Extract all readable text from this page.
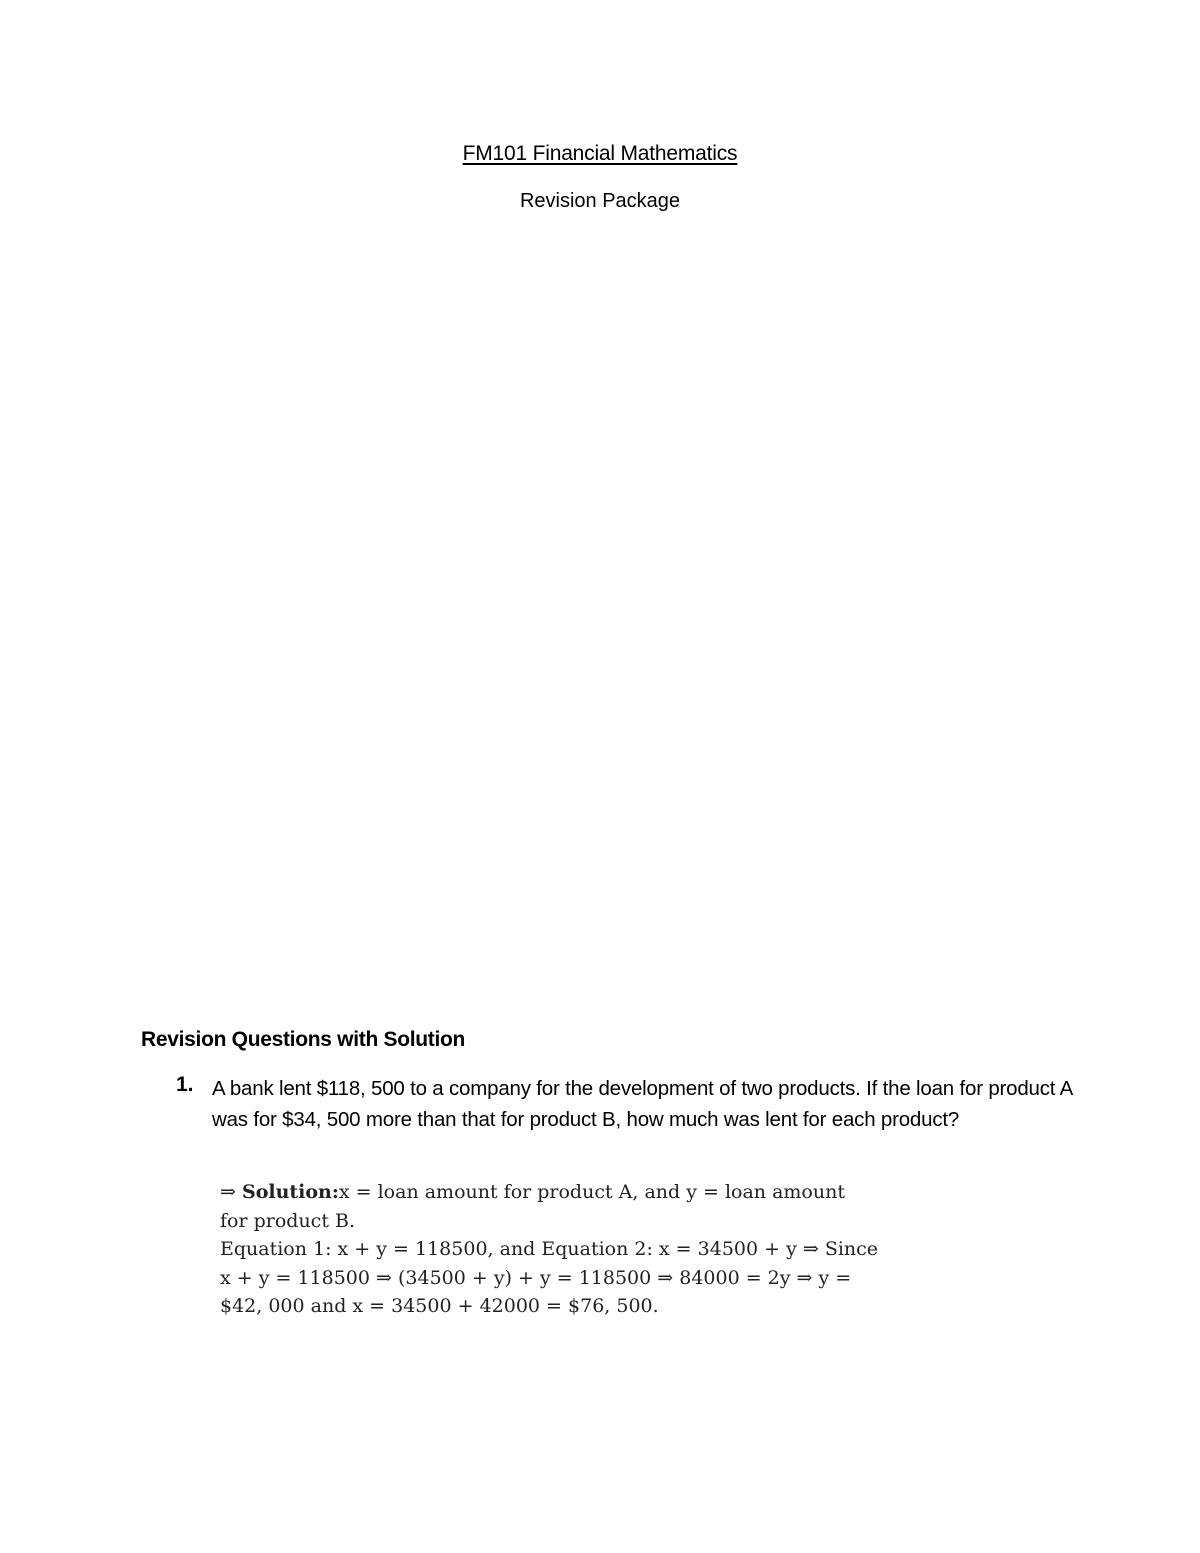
FM101 Financial Mathematics
Revision Package
Revision Questions with Solution
1. A bank lent $118, 500 to a company for the development of two products. If the loan for product A was for $34, 500 more than that for product B, how much was lent for each product?
⇒ Solution:x = loan amount for product A, and y = loan amount
for product B.
Equation 1: x + y = 118500, and Equation 2: x = 34500 + y ⇒ Since
x + y = 118500 ⇒ (34500 + y) + y = 118500 ⇒ 84000 = 2y ⇒ y =
$42, 000 and x = 34500 + 42000 = $76, 500.
